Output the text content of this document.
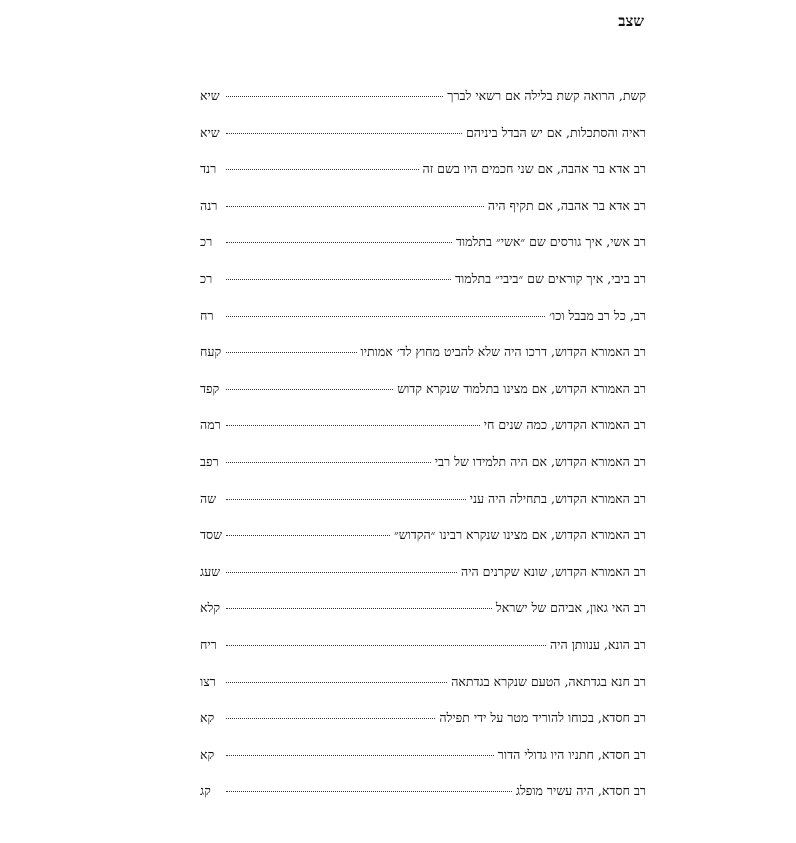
שצב
קשת, הרואה קשת בלילה אם רשאי לברך
שיא
ראיה והסתכלות, אם יש הבדל ביניהם
שיא
רב אדא בר אהבה, אם שני חכמים היו בשם זה
רנד
רב אדא בר אהבה, אם תקיף היה
רנה
רב אשי, איך גורסים שם ״אשי״ בתלמוד
רכ
רב ביבי, איך קוראים שם ״ביבי״ בתלמוד
רכ
רב, כל רב מבבל וכו׳
רח
רב האמורא הקדוש, דרכו היה שלא להביט מחוץ לד׳ אמותיו
קעח
רב האמורא הקדוש, אם מצינו בתלמוד שנקרא קדוש
קפד
רב האמורא הקדוש, כמה שנים חי
רמה
רב האמורא הקדוש, אם היה תלמידו של רבי
רפב
רב האמורא הקדוש, בתחילה היה עני
שה
רב האמורא הקדוש, אם מצינו שנקרא רבינו ״הקדוש״
שסד
רב האמורא הקדוש, שונא שקרנים היה
שעג
רב האי גאון, אביהם של ישראל
קלא
רב הונא, ענוותן היה
ריח
רב חנא בגדתאה, הטעם שנקרא בגדתאה
רצו
רב חסדא, בכוחו להוריד מטר על ידי תפילה
קא
רב חסדא, חתניו היו גדולי הדור
קא
רב חסדא, היה עשיר מופלג
קג
